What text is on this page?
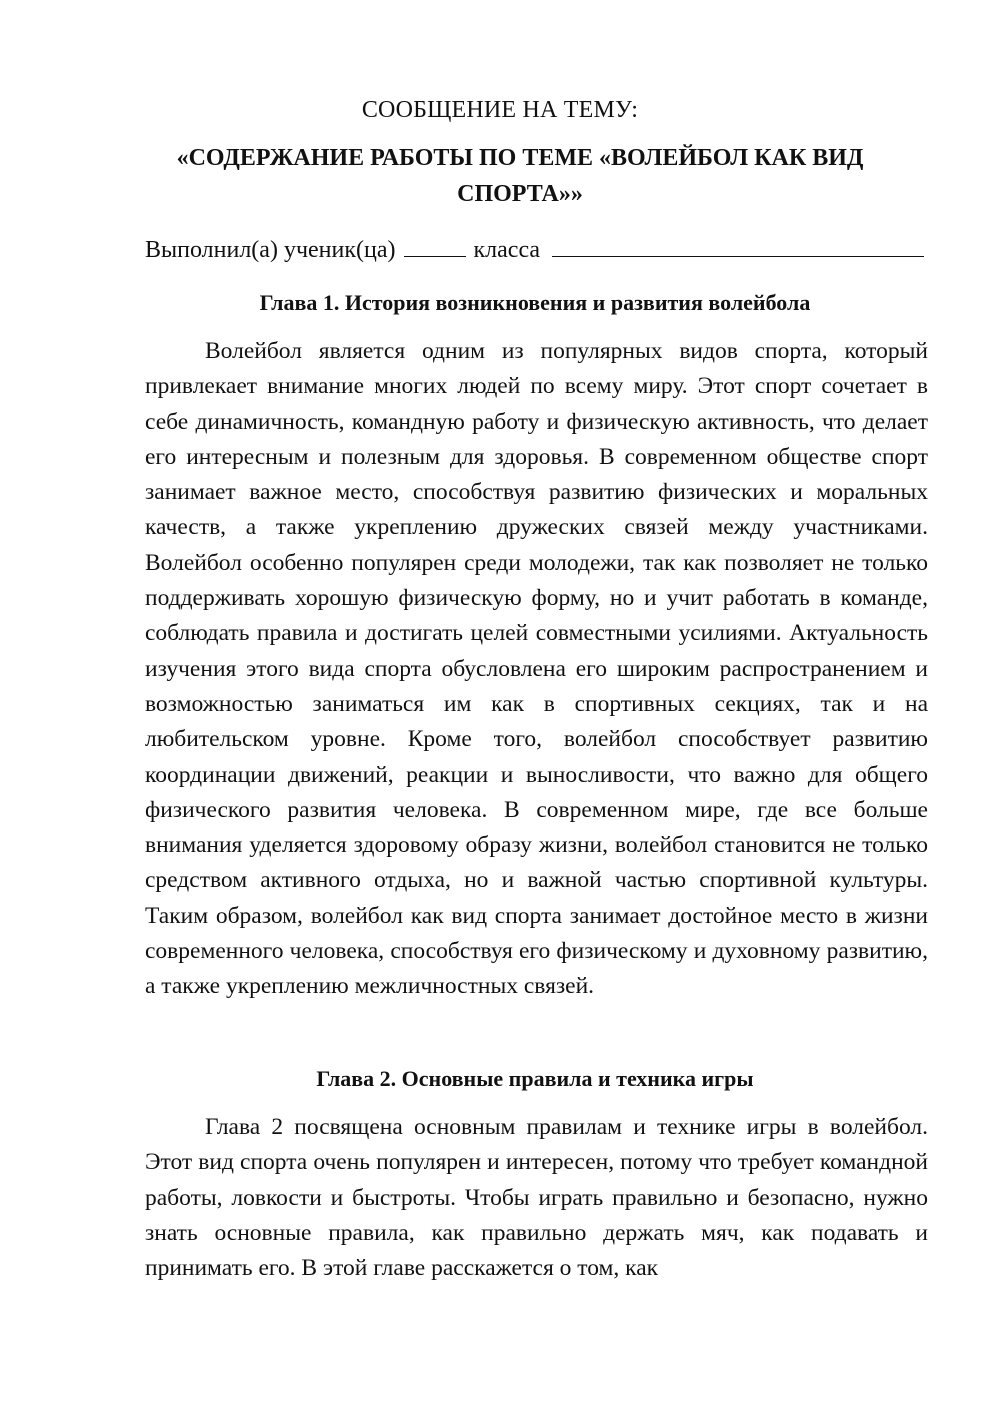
СООБЩЕНИЕ НА ТЕМУ:
«СОДЕРЖАНИЕ РАБОТЫ ПО ТЕМЕ «ВОЛЕЙБОЛ КАК ВИД СПОРТА»»
Выполнил(а) ученик(ца)	класса
Глава 1. История возникновения и развития волейбола

Волейбол является одним из популярных видов спорта, который привлекает внимание многих людей по всему миру. Этот спорт сочетает в себе динамичность, командную работу и физическую активность, что делает его интересным и полезным для здоровья. В современном обществе спорт занимает важное место, способствуя развитию физических и моральных качеств, а также укреплению дружеских связей между участниками. Волейбол особенно популярен среди молодежи, так как позволяет не только поддерживать хорошую физическую форму, но и учит работать в команде, соблюдать правила и достигать целей совместными усилиями. Актуальность изучения этого вида спорта обусловлена его широким распространением и возможностью заниматься им как в спортивных секциях, так и на любительском уровне. Кроме того, волейбол способствует развитию координации движений, реакции и выносливости, что важно для общего физического развития человека. В современном мире, где все больше внимания уделяется здоровому образу жизни, волейбол становится не только средством активного отдыха, но и важной частью спортивной культуры. Таким образом, волейбол как вид спорта занимает достойное место в жизни современного человека, способствуя его физическому и духовному развитию, а также укреплению межличностных связей.

Глава 2. Основные правила и техника игры

Глава 2 посвящена основным правилам и технике игры в волейбол. Этот вид спорта очень популярен и интересен, потому что требует командной работы, ловкости и быстроты. Чтобы играть правильно и безопасно, нужно знать основные правила, как правильно держать мяч, как подавать и принимать его. В этой главе расскажется о том, как
